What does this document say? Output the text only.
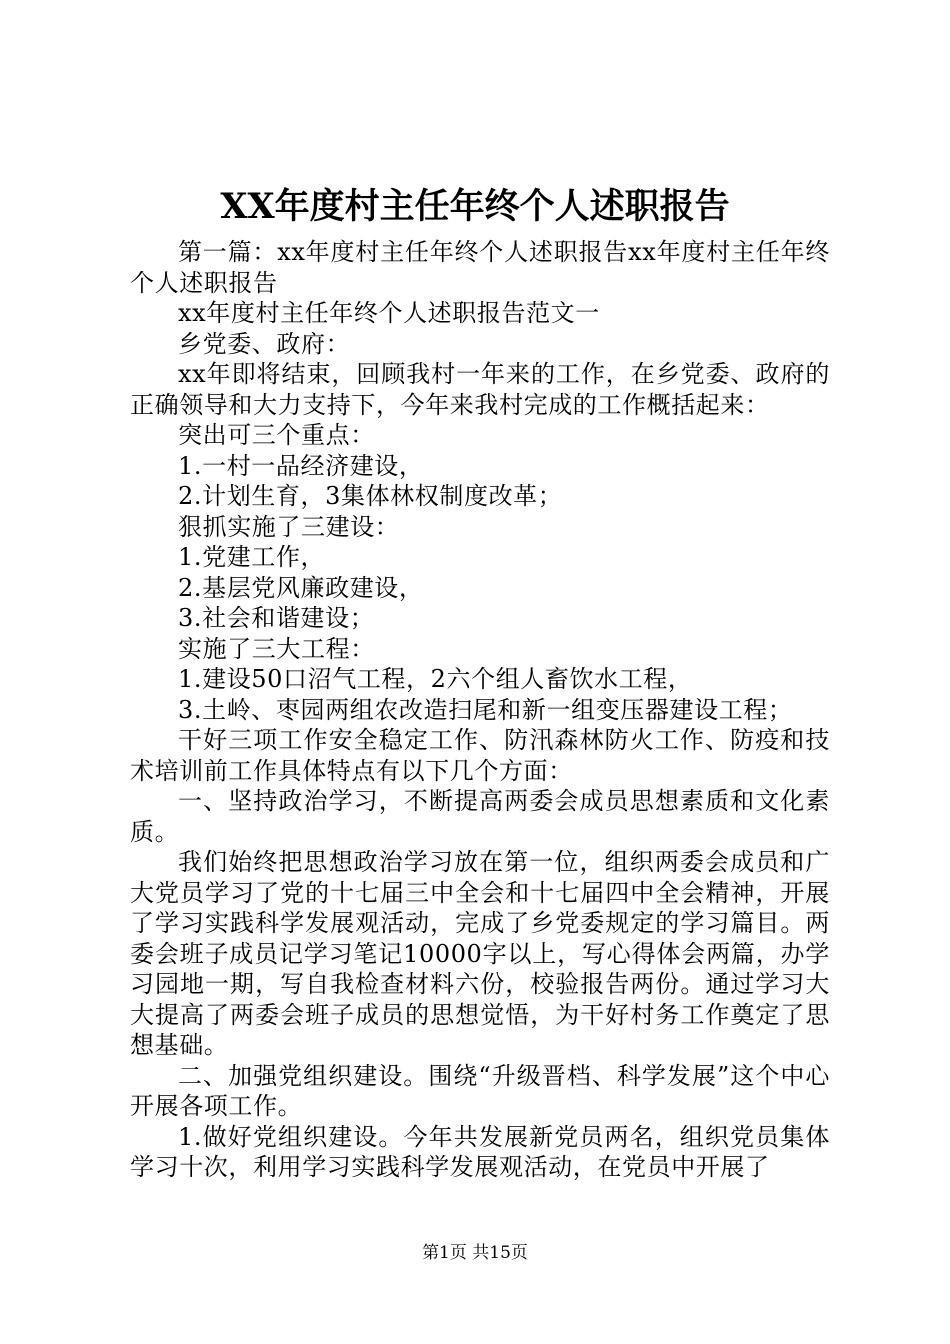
XX年度村主任年终个人述职报告

第一篇：xx年度村主任年终个人述职报告xx年度村主任年终个人述职报告

xx年度村主任年终个人述职报告范文一

乡党委、政府：

xx年即将结束，回顾我村一年来的工作，在乡党委、政府的正确领导和大力支持下，今年来我村完成的工作概括起来：

突出可三个重点：

1.一村一品经济建设，

2.计划生育，3集体林权制度改革；

狠抓实施了三建设：

1.党建工作，

2.基层党风廉政建设，

3.社会和谐建设；

实施了三大工程：

1.建设50口沼气工程，2六个组人畜饮水工程，

3.土岭、枣园两组农改造扫尾和新一组变压器建设工程；

干好三项工作安全稳定工作、防汛森林防火工作、防疫和技术培训前工作具体特点有以下几个方面：

一、坚持政治学习，不断提高两委会成员思想素质和文化素质。

我们始终把思想政治学习放在第一位，组织两委会成员和广大党员学习了党的十七届三中全会和十七届四中全会精神，开展了学习实践科学发展观活动，完成了乡党委规定的学习篇目。两委会班子成员记学习笔记10000字以上，写心得体会两篇，办学习园地一期，写自我检查材料六份，校验报告两份。通过学习大大提高了两委会班子成员的思想觉悟，为干好村务工作奠定了思想基础。

二、加强党组织建设。围绕“升级晋档、科学发展”这个中心开展各项工作。

1.做好党组织建设。今年共发展新党员两名，组织党员集体学习十次，利用学习实践科学发展观活动，在党员中开展了

第1页 共15页
